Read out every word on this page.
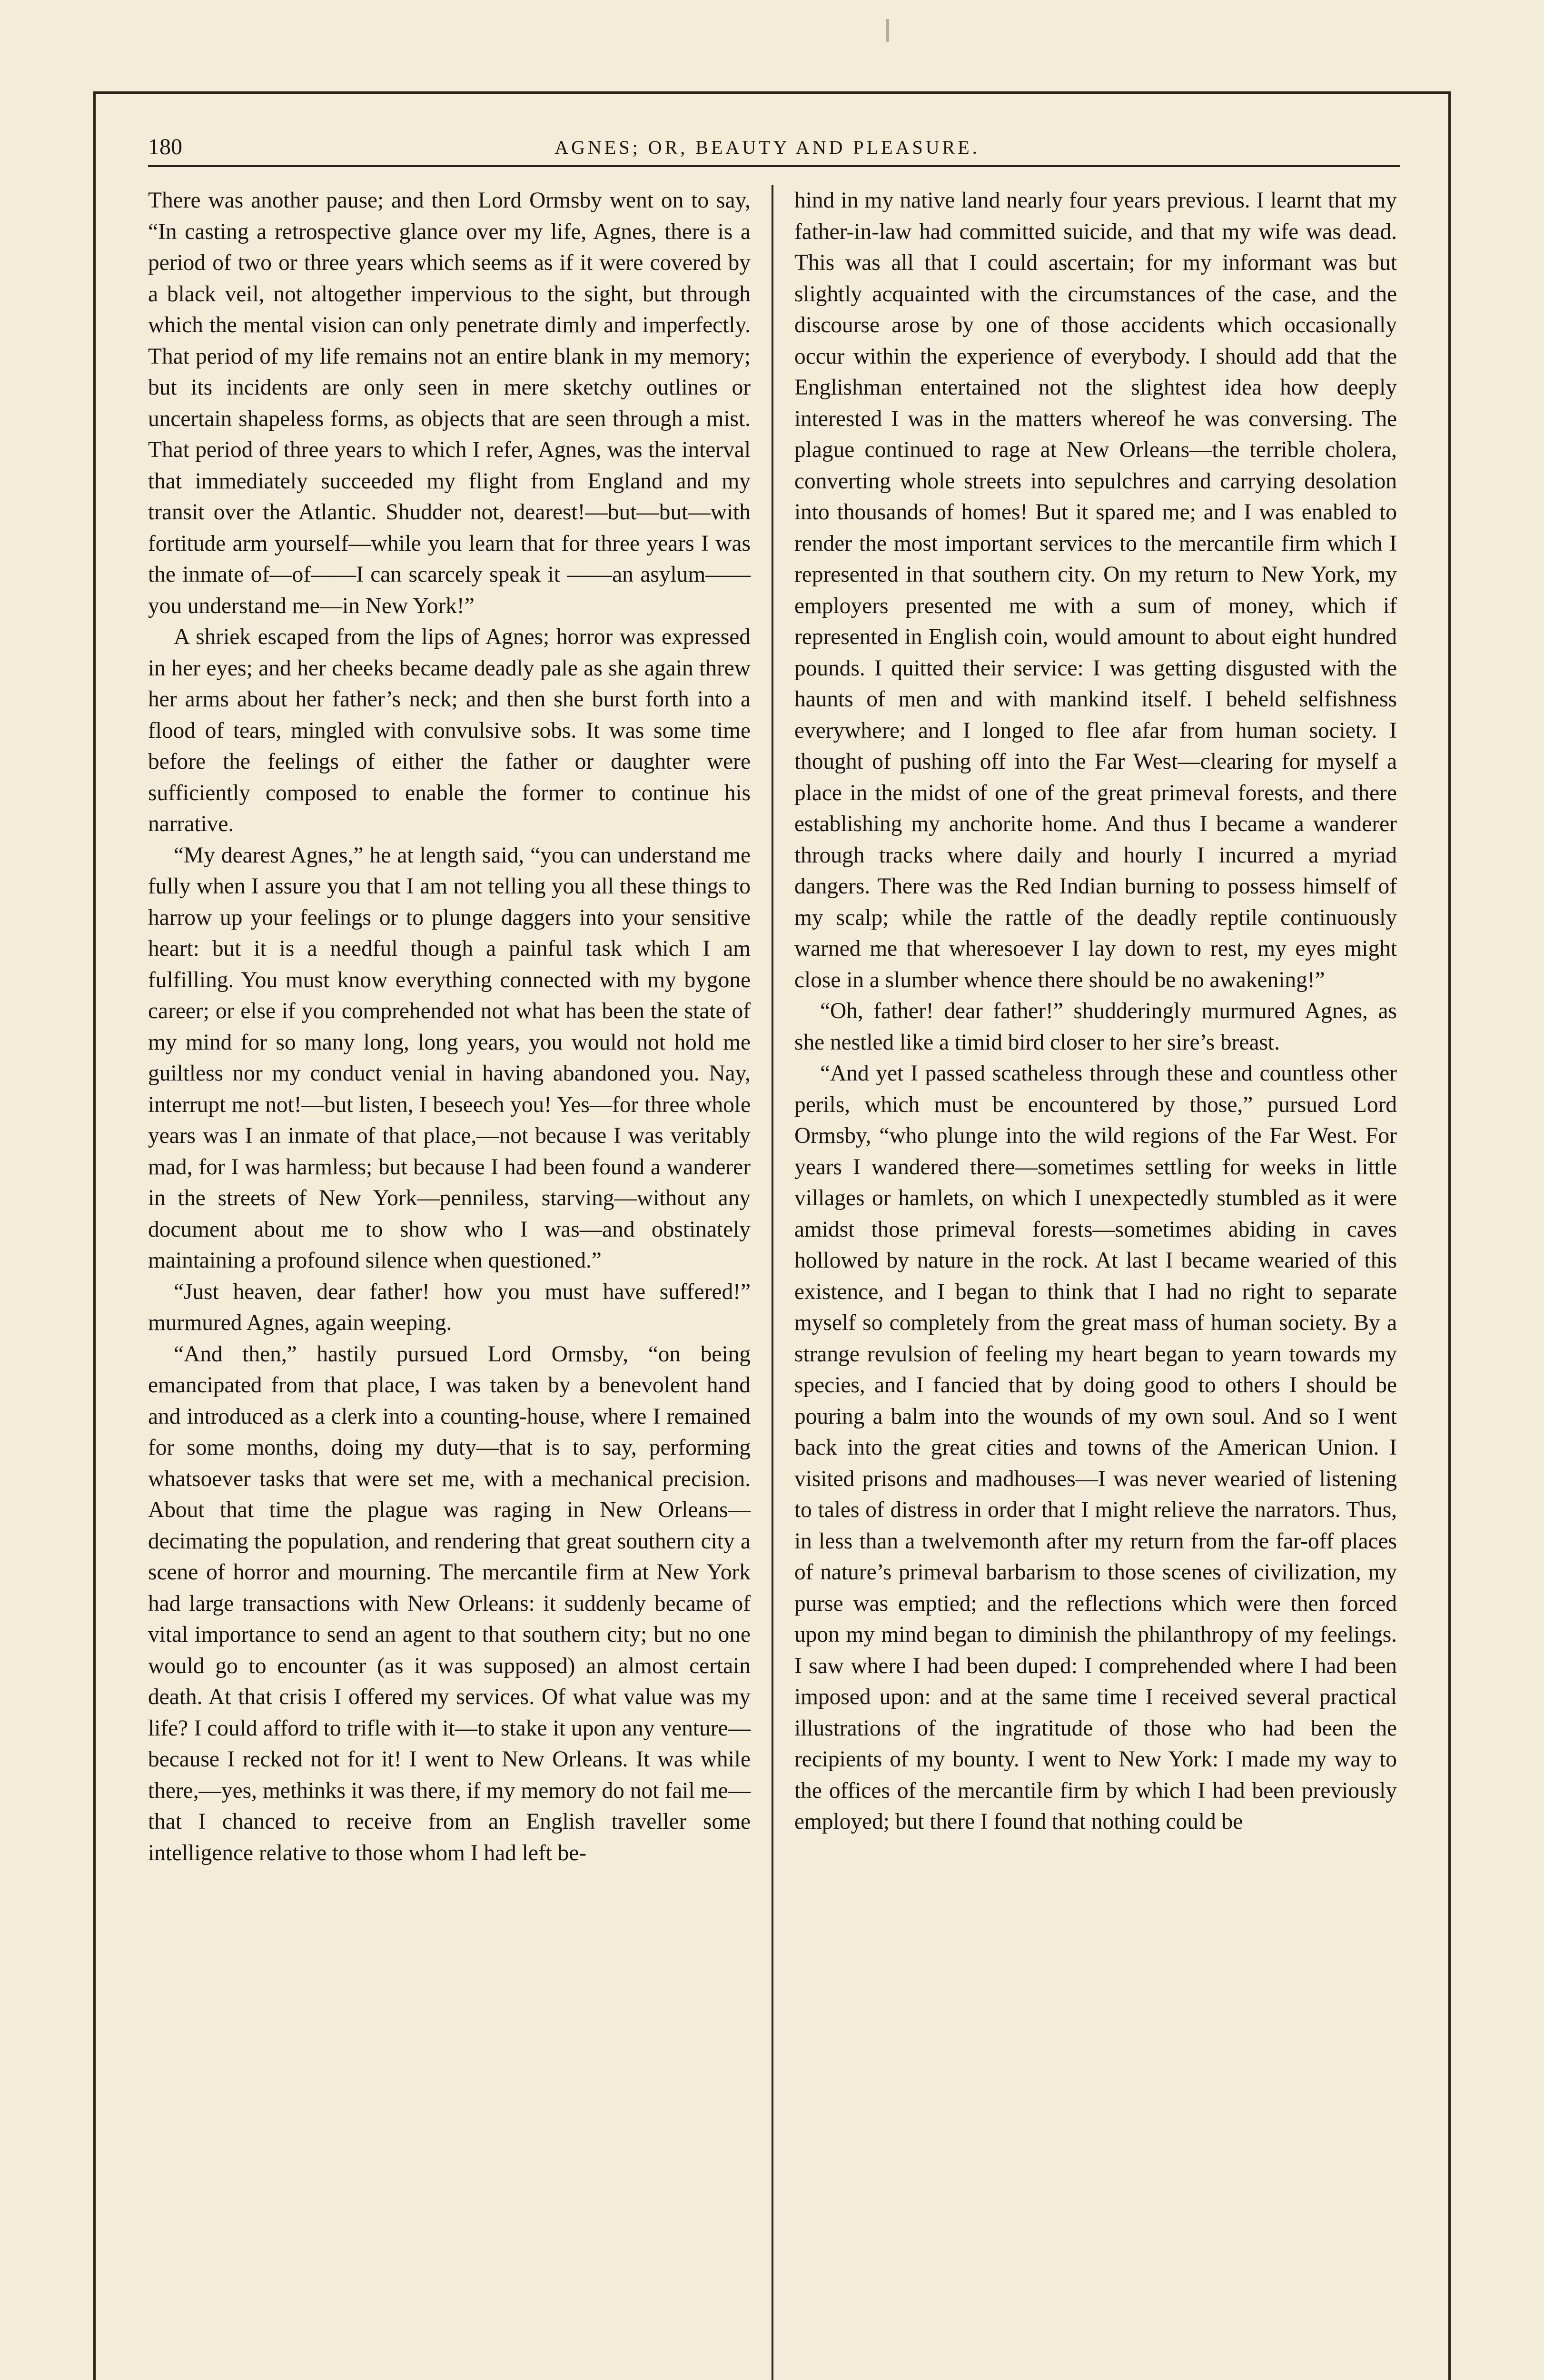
180	AGNES; OR, BEAUTY AND PLEASURE.

There was another pause; and then Lord Ormsby went on to say, “In casting a retrospective glance over my life, Agnes, there is a period of two or three years which seems as if it were covered by a black veil, not altogether impervious to the sight, but through which the mental vision can only penetrate dimly and imperfectly. That period of my life remains not an entire blank in my memory; but its incidents are only seen in mere sketchy outlines or uncertain shapeless forms, as objects that are seen through a mist. That period of three years to which I refer, Agnes, was the interval that immediately succeeded my flight from England and my transit over the Atlantic. Shudder not, dearest!—but—but—with fortitude arm yourself—while you learn that for three years I was the inmate of—of——I can scarcely speak it ——an asylum——you understand me—in New York!”

A shriek escaped from the lips of Agnes; horror was expressed in her eyes; and her cheeks became deadly pale as she again threw her arms about her father’s neck; and then she burst forth into a flood of tears, mingled with convulsive sobs. It was some time before the feelings of either the father or daughter were sufficiently composed to enable the former to continue his narrative.

“My dearest Agnes,” he at length said, “you can understand me fully when I assure you that I am not telling you all these things to harrow up your feelings or to plunge daggers into your sensitive heart: but it is a needful though a painful task which I am fulfilling. You must know everything connected with my bygone career; or else if you comprehended not what has been the state of my mind for so many long, long years, you would not hold me guiltless nor my conduct venial in having abandoned you. Nay, interrupt me not!—but listen, I beseech you! Yes—for three whole years was I an inmate of that place,—not because I was veritably mad, for I was harmless; but because I had been found a wanderer in the streets of New York—penniless, starving—without any document about me to show who I was—and obstinately maintaining a profound silence when questioned.”

“Just heaven, dear father! how you must have suffered!” murmured Agnes, again weeping.

“And then,” hastily pursued Lord Ormsby, “on being emancipated from that place, I was taken by a benevolent hand and introduced as a clerk into a counting-house, where I remained for some months, doing my duty—that is to say, performing whatsoever tasks that were set me, with a mechanical precision. About that time the plague was raging in New Orleans—decimating the population, and rendering that great southern city a scene of horror and mourning. The mercantile firm at New York had large transactions with New Orleans: it suddenly became of vital importance to send an agent to that southern city; but no one would go to encounter (as it was supposed) an almost certain death. At that crisis I offered my services. Of what value was my life? I could afford to trifle with it—to stake it upon any venture—because I recked not for it! I went to New Orleans. It was while there,—yes, methinks it was there, if my memory do not fail me—that I chanced to receive from an English traveller some intelligence relative to those whom I had left be-

hind in my native land nearly four years previous. I learnt that my father-in-law had committed suicide, and that my wife was dead. This was all that I could ascertain; for my informant was but slightly acquainted with the circumstances of the case, and the discourse arose by one of those accidents which occasionally occur within the experience of everybody. I should add that the Englishman entertained not the slightest idea how deeply interested I was in the matters whereof he was conversing. The plague continued to rage at New Orleans—the terrible cholera, converting whole streets into sepulchres and carrying desolation into thousands of homes! But it spared me; and I was enabled to render the most important services to the mercantile firm which I represented in that southern city. On my return to New York, my employers presented me with a sum of money, which if represented in English coin, would amount to about eight hundred pounds. I quitted their service: I was getting disgusted with the haunts of men and with mankind itself. I beheld selfishness everywhere; and I longed to flee afar from human society. I thought of pushing off into the Far West—clearing for myself a place in the midst of one of the great primeval forests, and there establishing my anchorite home. And thus I became a wanderer through tracks where daily and hourly I incurred a myriad dangers. There was the Red Indian burning to possess himself of my scalp; while the rattle of the deadly reptile continuously warned me that wheresoever I lay down to rest, my eyes might close in a slumber whence there should be no awakening!”

“Oh, father! dear father!” shudderingly murmured Agnes, as she nestled like a timid bird closer to her sire’s breast.

“And yet I passed scatheless through these and countless other perils, which must be encountered by those,” pursued Lord Ormsby, “who plunge into the wild regions of the Far West. For years I wandered there—sometimes settling for weeks in little villages or hamlets, on which I unexpectedly stumbled as it were amidst those primeval forests—sometimes abiding in caves hollowed by nature in the rock. At last I became wearied of this existence, and I began to think that I had no right to separate myself so completely from the great mass of human society. By a strange revulsion of feeling my heart began to yearn towards my species, and I fancied that by doing good to others I should be pouring a balm into the wounds of my own soul. And so I went back into the great cities and towns of the American Union. I visited prisons and madhouses—I was never wearied of listening to tales of distress in order that I might relieve the narrators. Thus, in less than a twelvemonth after my return from the far-off places of nature’s primeval barbarism to those scenes of civilization, my purse was emptied; and the reflections which were then forced upon my mind began to diminish the philanthropy of my feelings. I saw where I had been duped: I comprehended where I had been imposed upon: and at the same time I received several practical illustrations of the ingratitude of those who had been the recipients of my bounty. I went to New York: I made my way to the offices of the mercantile firm by which I had been previously employed; but there I found that nothing could be
